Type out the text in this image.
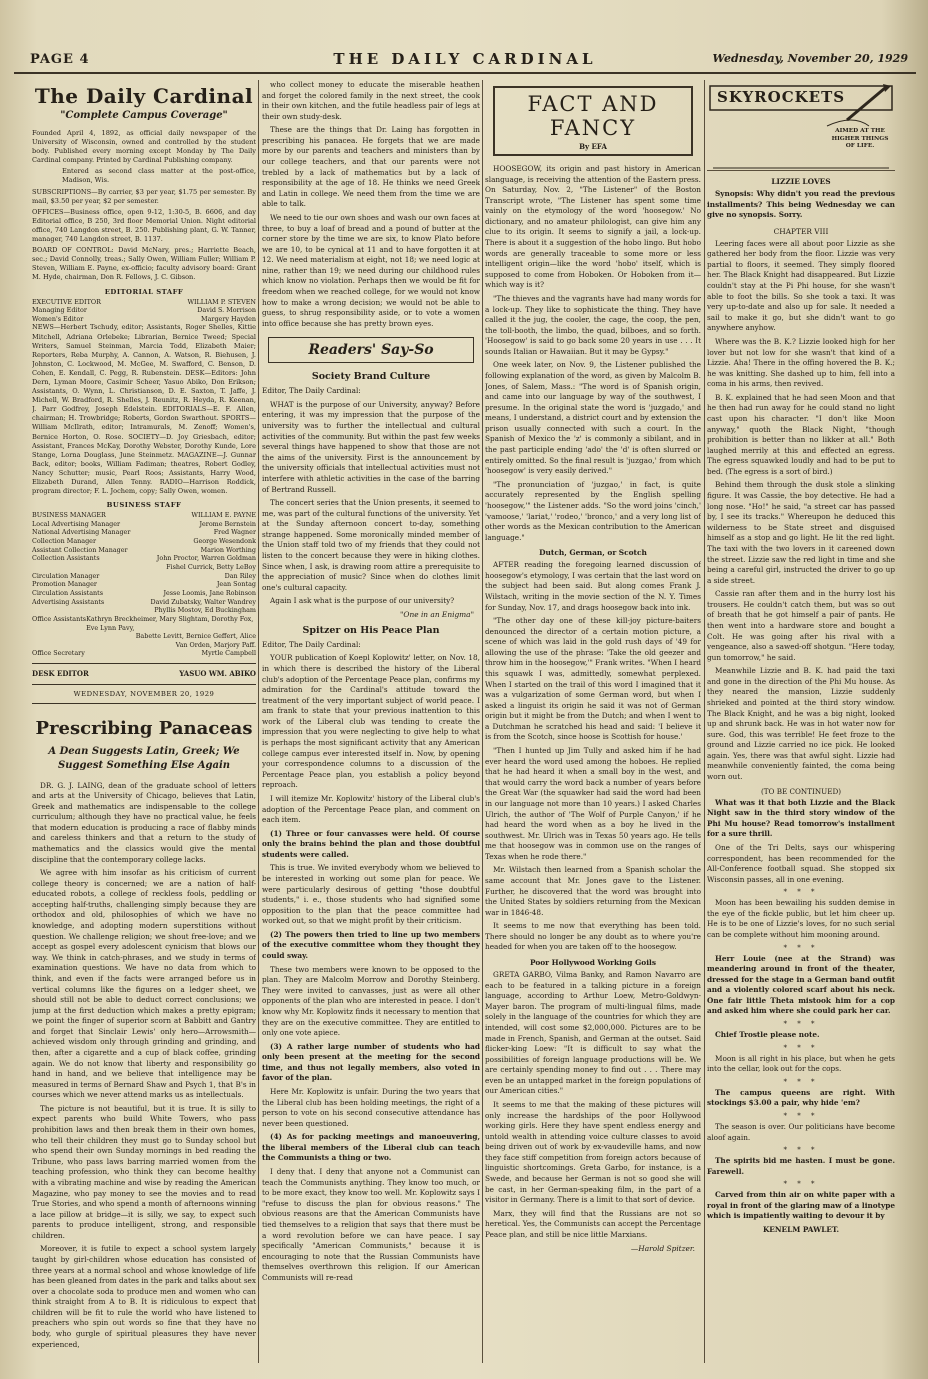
PAGE 4	THE DAILY CARDINAL	Wednesday, November 20, 1929
The Daily Cardinal
"Complete Campus Coverage"

Founded April 4, 1892, as official daily newspaper of the University of Wisconsin, owned and controlled by the student body. Published every morning except Monday by The Daily Cardinal company. Printed by Cardinal Publishing company.

Entered as second class matter at the post-office, Madison, Wis.

SUBSCRIPTIONS—By carrier, $3 per year, $1.75 per semester. By mail, $3.50 per year, $2 per semester.

OFFICES—Business office, open 9-12, 1:30-5, B. 6606, and day Editorial office, B 250, 3rd floor Memorial Union. Night editorial office, 740 Langdon street, B. 250. Publishing plant, G. W. Tanner, manager, 740 Langdon street, B. 1137.

BOARD OF CONTROL: David McNary, pres.; Harriette Beach, sec.; David Connolly, treas.; Sally Owen, William Fuller; William P. Steven, William E. Payne, ex-officio; faculty advisory board: Grant M. Hyde, chairman, Don R. Fellows, J. C. Gibson.

EDITORIAL STAFF
EXECUTIVE EDITOR	WILLIAM P. STEVEN
Managing Editor	David S. Morrison
Women's Editor	Margery Hayden

NEWS—Herbert Tschudy, editor; Assistants, Roger Shelles, Kittie Mitchell, Adriana Orlebeke; Librarian, Bernice Tweed; Special Writers, Samuel Steinman, Marcia Todd, Elizabeth Maier; Reporters, Reba Murphy, A. Cannon, A. Watson, R. Biehusen, J. Johnston, C. Lockwood, M. McGee, M. Swafford, C. Benson, D. Cohen, E. Kendall, C. Pegg, R. Rubenstein. DESK—Editors: John Dern, Lyman Moore, Casimir Scheer, Yasuo Abiko, Don Erikson; Assistants, O. Wynn, L. Christianson, D. E. Saxton, T. Jaffe, J. Michell, W. Bradford, R. Shelles, J. Reunitz, R. Heyda, R. Keenan, J. Parr Godfrey, Joseph Edelstein. EDITORIALS—E. F. Allen, chairman; H. Trowbridge; Roberts, Gordon Swarthout. SPORTS—William McIlrath, editor; Intramurals, M. Zenoff; Women's, Bernice Horton, O. Rose. SOCIETY—D. Joy Griesbach, editor; Assistant, Frances McKay, Dorothy Webster, Dorothy Kunde, Lore Stange, Lorna Douglass, June Steinmetz. MAGAZINE—J. Gunnar Back, editor; books, William Fadiman; theatres, Robert Godley, Nancy Schutter; music, Pearl Roos; Assistants, Harry Wood, Elizabeth Durand, Allen Tenny. RADIO—Harrison Roddick, program director; F. L. Jochem, copy; Sally Owen, women.

BUSINESS STAFF
BUSINESS MANAGER	WILLIAM E. PAYNE
Local Advertising Manager	Jerome Bernstein
National Advertising Manager	Fred Wagner
Collection Manager	George Wesendonk
Assistant Collection Manager	Marion Worthing
Collection Assistants	John Proctor, Warren Goldman
Fishel Currick, Betty LeBoy
Circulation Manager	Dan Riley
Promotion Manager	Jean Sontag
Circulation Assistants	Jesse Loomis, Jane Robinson
Advertising Assistants	David Zubatsky, Walter Wandrey
Phyllis Mostov, Ed Buckingham
Office Assistants Kathryn Breckheimer, Mary Slightam, Dorothy Fox, Eve Lynn Pavy,
Babette Levitt, Bernice Geffert, Alice
Van Orden, Marjory Paff.
Office Secretary	Myrtle Campbell
DESK EDITOR	YASUO WM. ABIKO
WEDNESDAY, NOVEMBER 20, 1929
Prescribing Panaceas
A Dean Suggests Latin, Greek; We Suggest Something Else Again

DR. G. J. LAING, dean of the graduate school of letters and arts at the University of Chicago, believes that Latin, Greek and mathematics are indispensable to the college curriculum; although they have no practical value, he feels that modern education is producing a race of flabby minds and careless thinkers and that a return to the study of mathematics and the classics would give the mental discipline that the contemporary college lacks.

We agree with him insofar as his criticism of current college theory is concerned; we are a nation of half-educated robots, a college of reckless fools, peddling or accepting half-truths, challenging simply because they are orthodox and old, philosophies of which we have no knowledge, and adopting modern superstitions without question. We challenge religion; we shout free-love; and we accept as gospel every adolescent cynicism that blows our way. We think in catch-phrases, and we study in terms of examination questions. We have no data from which to think, and even if the facts were arranged before us in vertical columns like the figures on a ledger sheet, we should still not be able to deduct correct conclusions; we jump at the first deduction which makes a pretty epigram; we point the finger of superior scorn at Babbitt and Gantry and forget that Sinclair Lewis' only hero—Arrowsmith—achieved wisdom only through grinding and grinding, and then, after a cigarette and a cup of black coffee, grinding again. We do not know that liberty and responsibility go hand in hand, and we believe that intelligence may be measured in terms of Bernard Shaw and Psych 1, that B's in courses which we never attend marks us as intellectuals.

The picture is not beautiful, but it is true. It is silly to expect parents who build White Towers, who pass prohibition laws and then break them in their own homes, who tell their children they must go to Sunday school but who spend their own Sunday mornings in bed reading the Tribune, who pass laws barring married women from the teaching profession, who think they can become healthy with a vibrating machine and wise by reading the American Magazine, who pay money to see the movies and to read True Stories, and who spend a month of afternoons winning a lace pillow at bridge—it is silly, we say, to expect such parents to produce intelligent, strong, and responsible children.

Moreover, it is futile to expect a school system largely taught by girl-children whose education has consisted of three years at a normal school and whose knowledge of life has been gleaned from dates in the park and talks about sex over a chocolate soda to produce men and women who can think straight from A to B. It is ridiculous to expect that children will be fit to rule the world who have listened to preachers who spin out words so fine that they have no body, who gurgle of spiritual pleasures they have never experienced,

who collect money to educate the miserable heathen and forget the colored family in the next street, the cook in their own kitchen, and the futile headless pair of legs at their own study-desk.

These are the things that Dr. Laing has forgotten in prescribing his panacea. He forgets that we are made more by our parents and teachers and ministers than by our college teachers, and that our parents were not trebled by a lack of mathematics but by a lack of responsibility at the age of 18. He thinks we need Greek and Latin in college. We need them from the time we are able to talk.

We need to tie our own shoes and wash our own faces at three, to buy a loaf of bread and a pound of butter at the corner store by the time we are six, to know Plato before we are 10, to be cynical at 11 and to have forgotten it at 12. We need materialism at eight, not 18; we need logic at nine, rather than 19; we need during our childhood rules which know no violation. Perhaps then we would be fit for freedom when we reached college, for we would not know how to make a wrong decision; we would not be able to guess, to shrug responsibility aside, or to vote a women into office because she has pretty brown eyes.

Readers' Say-So
Society Brand Culture

Editor, The Daily Cardinal:

WHAT is the purpose of our University, anyway? Before entering, it was my impression that the purpose of the university was to further the intellectual and cultural activities of the community. But within the past few weeks several things have happened to show that those are not the aims of the university. First is the announcement by the university officials that intellectual activities must not interfere with athletic activities in the case of the barring of Bertrand Russell.

The concert series that the Union presents, it seemed to me, was part of the cultural functions of the university. Yet at the Sunday afternoon concert to-day, something strange happened. Some moronically minded member of the Union staff told two of my friends that they could not listen to the concert because they were in hiking clothes. Since when, I ask, is drawing room attire a prerequisite to the appreciation of music? Since when do clothes limit one's cultural capacity.

Again I ask what is the purpose of our university?

"One in an Enigma"
Spitzer on His Peace Plan

Editor, The Daily Cardinal:

YOUR publication of Koepl Koplowitz' letter, on Nov. 18, in which there is described the history of the Liberal club's adoption of the Percentage Peace plan, confirms my admiration for the Cardinal's attitude toward the treatment of the very important subject of world peace. I am frank to state that your previous inattention to this work of the Liberal club was tending to create the impression that you were neglecting to give help to what is perhaps the most significant activity that any American college campus ever interested itself in. Now, by opening your correspondence columns to a discussion of the Percentage Peace plan, you establish a policy beyond reproach.

I will itemize Mr. Koplowitz' history of the Liberal club's adoption of the Percentage Peace plan, and comment on each item.

(1) Three or four canvasses were held. Of course only the brains behind the plan and those doubtful students were called.

This is true. We invited everybody whom we believed to be interested in working out some plan for peace. We were particularly desirous of getting "those doubtful students," i. e., those students who had signified some opposition to the plan that the peace committee had worked out, so that we might profit by their criticism.

(2) The powers then tried to line up two members of the executive committee whom they thought they could sway.

These two members were known to be opposed to the plan. They are Malcolm Morrow and Dorothy Steinberg. They were invited to canvasses, just as were all other opponents of the plan who are interested in peace. I don't know why Mr. Koplowitz finds it necessary to mention that they are on the executive committee. They are entitled to only one vote apiece.

(3) A rather large number of students who had only been present at the meeting for the second time, and thus not legally members, also voted in favor of the plan.

Here Mr. Koplowitz is unfair. During the two years that the Liberal club has been holding meetings, the right of a person to vote on his second consecutive attendance has never been questioned.

(4) As for packing meetings and manoeuvering, the liberal members of the Liberal club can teach the Communists a thing or two.

I deny that. I deny that anyone not a Communist can teach the Communists anything. They know too much, or to be more exact, they know too well. Mr. Koplowitz says I "refuse to discuss the plan for obvious reasons." The obvious reasons are that the American Communists have tied themselves to a religion that says that there must be a word revolution before we can have peace. I say specifically "American Communists," because it is encouraging to note that the Russian Communists have themselves overthrown this religion. If our American Communists will re-read

FACT AND FANCY
By EFA

HOOSEGOW, its origin and past history in American slanguage, is receiving the attention of the Eastern press. On Saturday, Nov. 2, "The Listener" of the Boston Transcript wrote, "The Listener has spent some time vainly on the etymology of the word 'hoosegow.' No dictionary, and no amateur philologist, can give him any clue to its origin. It seems to signify a jail, a lock-up. There is about it a suggestion of the hobo lingo. But hobo words are generally traceable to some more or less intelligent origin—like the word 'hobo' itself, which is supposed to come from Hoboken. Or Hoboken from it—which way is it?

"The thieves and the vagrants have had many words for a lock-up. They like to sophisticate the thing. They have called it the jug, the cooler, the cage, the coop, the pen, the toll-booth, the limbo, the quad, bilboes, and so forth. 'Hoosegow' is said to go back some 20 years in use . . . It sounds Italian or Hawaiian. But it may be Gypsy."

One week later, on Nov. 9, the Listener published the following explanation of the word, as given by Malcolm B. Jones, of Salem, Mass.: "The word is of Spanish origin, and came into our language by way of the southwest, I presume. In the original state the word is 'juzgado,' and means, I understand, a district court and by extension the prison usually connected with such a court. In the Spanish of Mexico the 'z' is commonly a sibilant, and in the past participle ending 'ado' the 'd' is often slurred or entirely omitted. So the final result is 'juzgao,' from which 'hoosegow' is very easily derived."

"The pronunciation of 'juzgao,' in fact, is quite accurately represented by the English spelling 'hoosegow,'" the Listener adds. "So the word joins 'cinch,' 'vamoose,' 'lariat,' 'rodeo,' 'bronco,' and a very long list of other words as the Mexican contribution to the American language."

Dutch, German, or Scotch

AFTER reading the foregoing learned discussion of hoosegow's etymology, I was certain that the last word on the subject had been said. But along comes Frank J. Wilstach, writing in the movie section of the N. Y. Times for Sunday, Nov. 17, and drags hoosegow back into ink.

"The other day one of these kill-joy picture-baiters denounced the director of a certain motion picture, a scene of which was laid in the gold rush days of '49 for allowing the use of the phrase: 'Take the old geezer and throw him in the hoosegow,'" Frank writes. "When I heard this squawk I was, admittedly, somewhat perplexed. When I started on the trail of this word I imagined that it was a vulgarization of some German word, but when I asked a linguist its origin he said it was not of German origin but it might be from the Dutch; and when I went to a Dutchman he scratched his head and said: 'I believe it is from the Scotch, since hoose is Scottish for house.'

"Then I hunted up Jim Tully and asked him if he had ever heard the word used among the hoboes. He replied that he had heard it when a small boy in the west, and that would carry the word back a number of years before the Great War (the squawker had said the word had been in our language not more than 10 years.) I asked Charles Ulrich, the author of 'The Wolf of Purple Canyon,' if he had heard the word when as a boy he lived in the southwest. Mr. Ulrich was in Texas 50 years ago. He tells me that hoosegow was in common use on the ranges of Texas when he rode there."

Mr. Wilstach then learned from a Spanish scholar the same account that Mr. Jones gave to the Listener. Further, he discovered that the word was brought into the United States by soldiers returning from the Mexican war in 1846-48.

It seems to me now that everything has been told. There should no longer be any doubt as to where you're headed for when you are taken off to the hoosegow.

Poor Hollywood Working Goils

GRETA GARBO, Vilma Banky, and Ramon Navarro are each to be featured in a talking picture in a foreign language, according to Arthur Loew, Metro-Goldwyn-Mayer baron. The program of multi-lingual films, made solely in the language of the countries for which they are intended, will cost some $2,000,000. Pictures are to be made in French, Spanish, and German at the outset. Said flicker-king Loew: "It is difficult to say what the possibilities of foreign language productions will be. We are certainly spending money to find out . . . There may even be an untapped market in the foreign populations of our American cities."

It seems to me that the making of these pictures will only increase the hardships of the poor Hollywood working girls. Here they have spent endless energy and untold wealth in attending voice culture classes to avoid being driven out of work by ex-vaudeville hams, and now they face stiff competition from foreign actors because of linguistic shortcomings. Greta Garbo, for instance, is a Swede, and because her German is not so good she will be cast, in her German-speaking film, in the part of a visitor in Germany. There is a limit to that sort of device.

Marx, they will find that the Russians are not so heretical. Yes, the Communists can accept the Percentage Peace plan, and still be nice little Marxians.

—Harold Spitzer.
SKYROCKETS
AIMED AT THE HIGHER THINGS OF LIFE.
LIZZIE LOVES

Synopsis: Why didn't you read the previous installments? This being Wednesday we can give no synopsis. Sorry.

CHAPTER VIII

Leering faces were all about poor Lizzie as she gathered her body from the floor. Lizzie was very partial to floors, it seemed. They simply floored her. The Black Knight had disappeared. But Lizzie couldn't stay at the Pi Phi house, for she wasn't able to foot the bills. So she took a taxi. It was very up-to-date and also up for sale. It needed a sail to make it go, but she didn't want to go anywhere anyhow.

Where was the B. K.? Lizzie looked high for her lover but not low for she wasn't that kind of a Lizzie. Aha! There in the offing hovered the B. K.; he was knitting. She dashed up to him, fell into a coma in his arms, then revived.

B. K. explained that he had seen Moon and that he then had run away for he could stand no light cast upon his character. "I don't like Moon anyway," quoth the Black Night, "though prohibition is better than no likker at all." Both laughed merrily at this and effected an egress. The egress squawked loudly and had to be put to bed. (The egress is a sort of bird.)

Behind them through the dusk stole a slinking figure. It was Cassie, the boy detective. He had a long nose. "Ho!" he said, "a street car has passed by, I see its tracks." Whereupon he deduced this wilderness to be State street and disguised himself as a stop and go light. He lit the red light. The taxi with the two lovers in it careened down the street. Lizzie saw the red light in time and she being a careful girl, instructed the driver to go up a side street.

Cassie ran after them and in the hurry lost his trousers. He couldn't catch them, but was so out of breath that he got himself a pair of pants. He then went into a hardware store and bought a Colt. He was going after his rival with a vengeance, also a sawed-off shotgun. "Here today, gun tomorrow," he said.

Meanwhile Lizzie and B. K. had paid the taxi and gone in the direction of the Phi Mu house. As they neared the mansion, Lizzie suddenly shrieked and pointed at the third story window. The Black Knight, and he was a big night, looked up and shrunk back. He was in hot water now for sure. God, this was terrible! He feet froze to the ground and Lizzie carried no ice pick. He looked again. Yes, there was that awful sight. Lizzie had meanwhile conveniently fainted, the coma being worn out.

(TO BE CONTINUED)

What was it that both Lizzie and the Black Night saw in the third story window of the Phi Mu house? Read tomorrow's installment for a sure thrill.

One of the Tri Delts, says our whispering correspondent, has been recommended for the All-Conference football squad. She stopped six Wisconsin passes, all in one evening.

* * *

Moon has been bewailing his sudden demise in the eye of the fickle public, but let him cheer up. He is to be one of Lizzie's loves, for no such serial can be complete without him mooning around.

* * *

Herr Louie (nee at the Strand) was meandering around in front of the theater, dressed for the stage in a German band outfit and a violently colored scarf about his neck. One fair little Theta mistook him for a cop and asked him where she could park her car.

* * *

Chief Trostle please note.

* * *

Moon is all right in his place, but when he gets into the cellar, look out for the cops.

* * *

The campus queens are right. With stockings $3.00 a pair, why hide 'em?

* * *

The season is over. Our politicians have become aloof again.

* * *

The spirits bid me hasten. I must be gone. Farewell.

* * *

Carved from thin air on white paper with a royal in front of the glaring maw of a linotype which is impatiently waiting to devour it by

KENELM PAWLET.
